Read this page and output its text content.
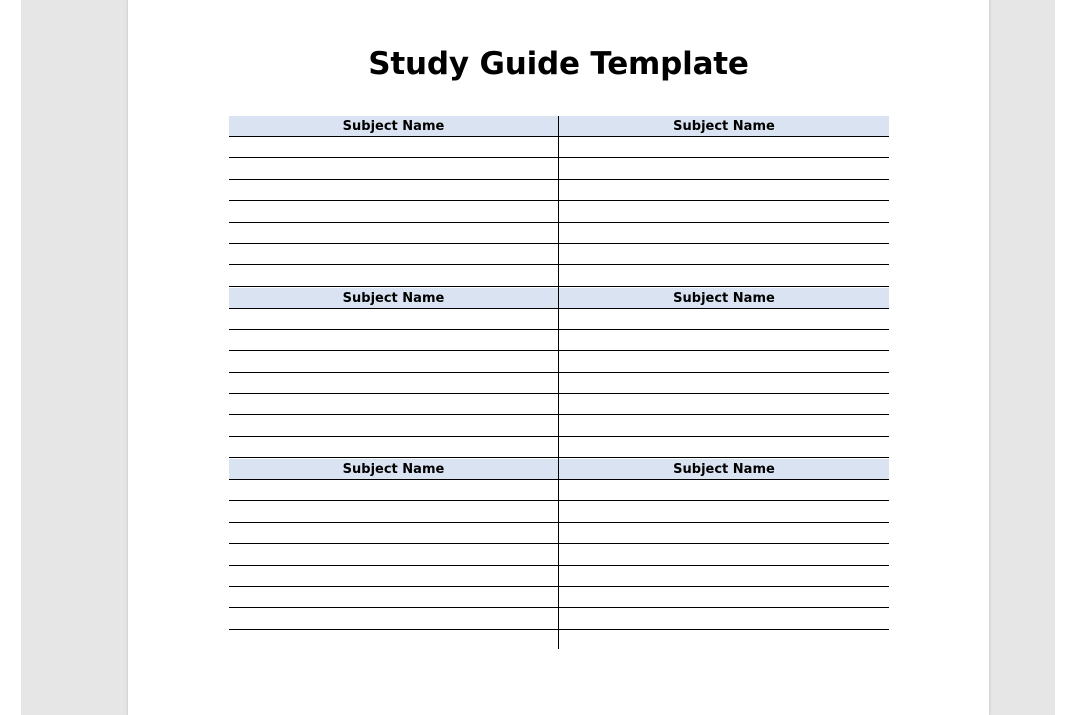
Study Guide Template
Subject Name	Subject Name
Subject Name	Subject Name
Subject Name	Subject Name
